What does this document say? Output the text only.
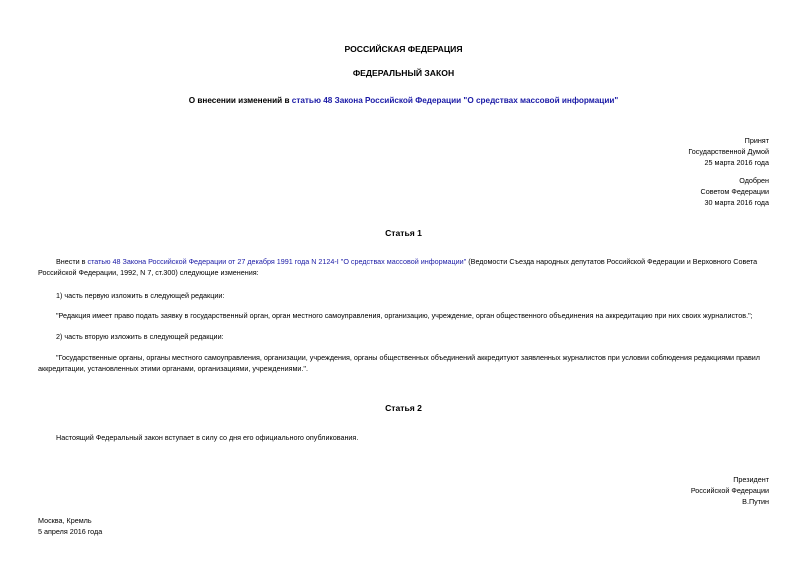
РОССИЙСКАЯ ФЕДЕРАЦИЯ
ФЕДЕРАЛЬНЫЙ ЗАКОН
О внесении изменений в статью 48 Закона Российской Федерации "О средствах массовой информации"
Принят
Государственной Думой
25 марта 2016 года
Одобрен
Советом Федерации
30 марта 2016 года
Статья 1
Внести в статью 48 Закона Российской Федерации от 27 декабря 1991 года N 2124-I "О средствах массовой информации" (Ведомости Съезда народных депутатов Российской Федерации и Верховного Совета
Российской Федерации, 1992, N 7, ст.300) следующие изменения:
1) часть первую изложить в следующей редакции:
"Редакция имеет право подать заявку в государственный орган, орган местного самоуправления, организацию, учреждение, орган общественного объединения на аккредитацию при них своих журналистов.";
2) часть вторую изложить в следующей редакции:
"Государственные органы, органы местного самоуправления, организации, учреждения, органы общественных объединений аккредитуют заявленных журналистов при условии соблюдения редакциями правил
аккредитации, установленных этими органами, организациями, учреждениями.".
Статья 2
Настоящий Федеральный закон вступает в силу со дня его официального опубликования.
Президент
Российской Федерации
В.Путин
Москва, Кремль
5 апреля 2016 года
